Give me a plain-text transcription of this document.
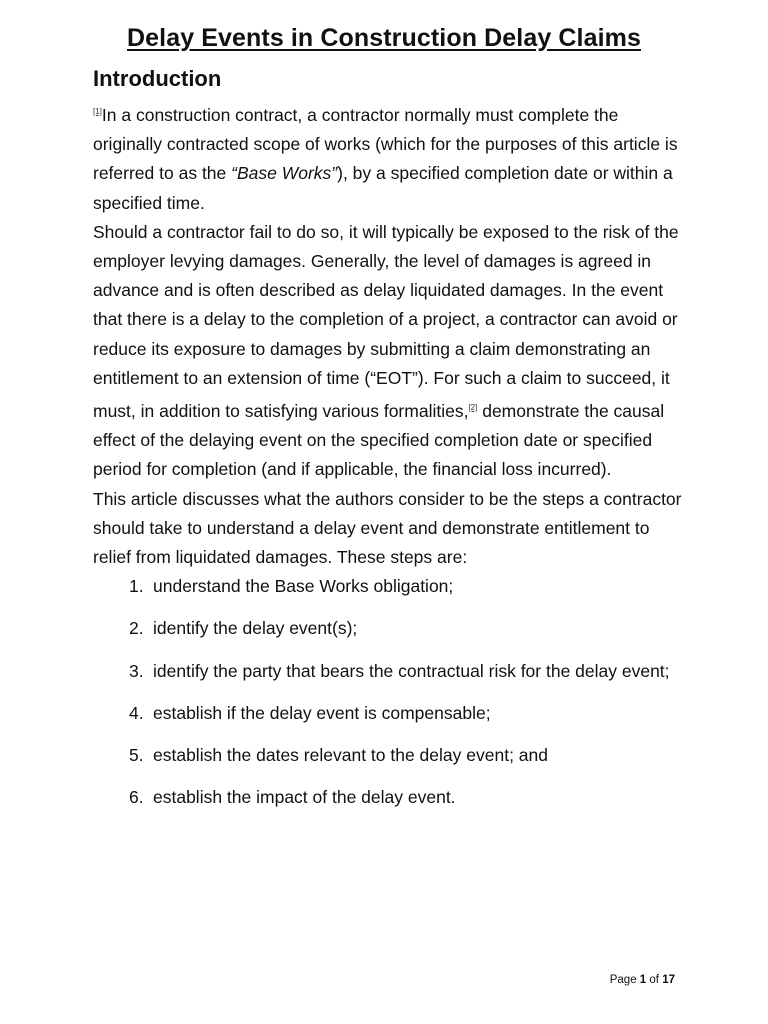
Delay Events in Construction Delay Claims
Introduction

[1]In a construction contract, a contractor normally must complete the originally contracted scope of works (which for the purposes of this article is referred to as the “Base Works”), by a specified completion date or within a specified time.

Should a contractor fail to do so, it will typically be exposed to the risk of the employer levying damages. Generally, the level of damages is agreed in advance and is often described as delay liquidated damages. In the event that there is a delay to the completion of a project, a contractor can avoid or reduce its exposure to damages by submitting a claim demonstrating an entitlement to an extension of time (“EOT”). For such a claim to succeed, it must, in addition to satisfying various formalities,[2] demonstrate the causal effect of the delaying event on the specified completion date or specified period for completion (and if applicable, the financial loss incurred).

This article discusses what the authors consider to be the steps a contractor should take to understand a delay event and demonstrate entitlement to relief from liquidated damages. These steps are:

1. understand the Base Works obligation;
2. identify the delay event(s);
3. identify the party that bears the contractual risk for the delay event;
4. establish if the delay event is compensable;
5. establish the dates relevant to the delay event; and
6. establish the impact of the delay event.
Page 1 of 17
